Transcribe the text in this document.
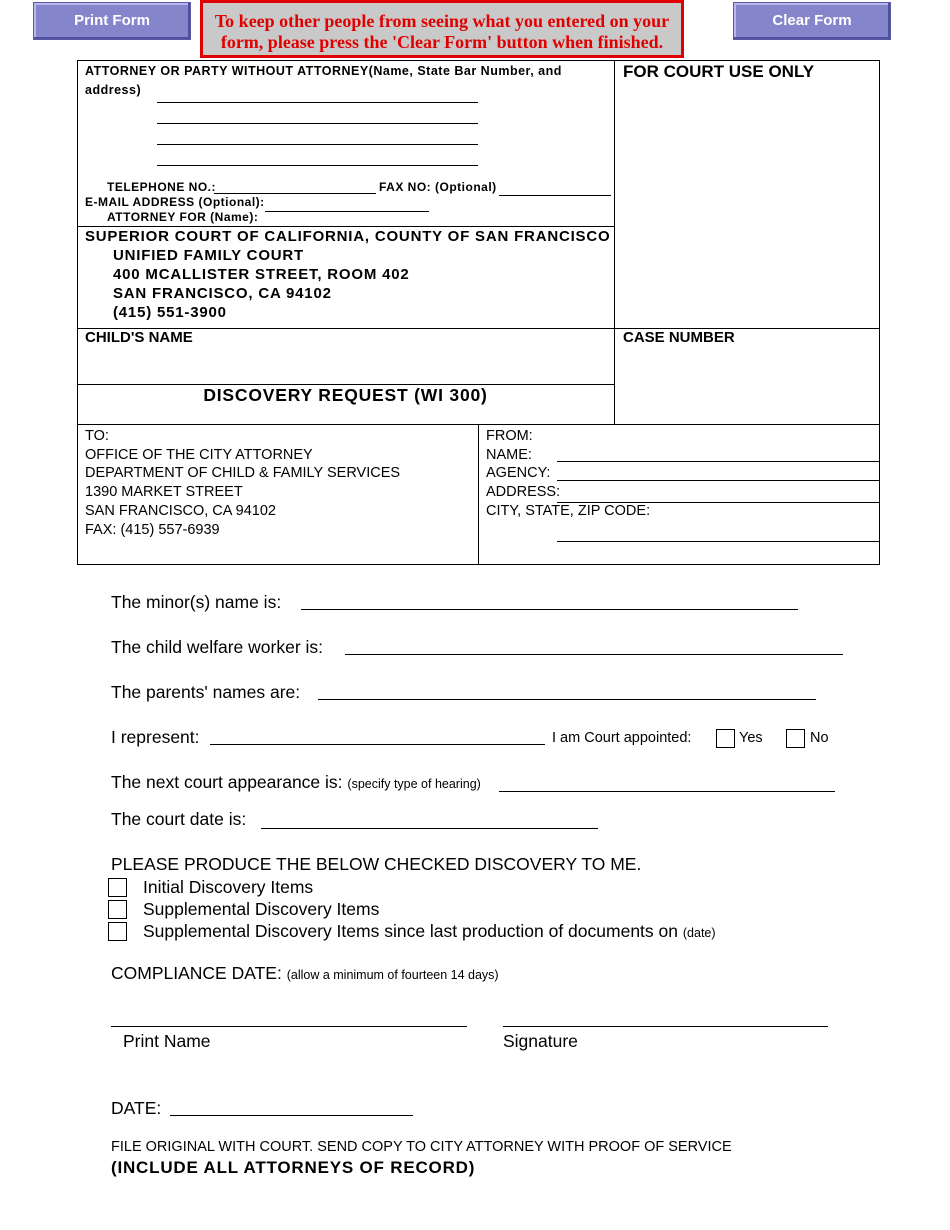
Print Form	To keep other people from seeing what you entered on your form, please press the 'Clear Form' button when finished.
Clear Form
ATTORNEY OR PARTY WITHOUT ATTORNEY(Name, State Bar Number, and
address)
TELEPHONE NO.:	FAX NO: (Optional)
E-MAIL ADDRESS (Optional):
ATTORNEY FOR (Name):
FOR COURT USE ONLY
SUPERIOR COURT OF CALIFORNIA, COUNTY OF SAN FRANCISCO
UNIFIED FAMILY COURT
400 MCALLISTER STREET, ROOM 402
SAN FRANCISCO, CA 94102
(415) 551-3900
CHILD'S NAME	CASE NUMBER
DISCOVERY REQUEST (WI 300)
TO:
OFFICE OF THE CITY ATTORNEY
DEPARTMENT OF CHILD & FAMILY SERVICES
1390 MARKET STREET
SAN FRANCISCO, CA 94102
FAX: (415) 557-6939
FROM:
NAME:
AGENCY:
ADDRESS:
CITY, STATE, ZIP CODE:
The minor(s) name is:
The child welfare worker is:
The parents' names are:
I represent:	I am Court appointed:	Yes	No
The next court appearance is: (specify type of hearing)
The court date is:
PLEASE PRODUCE THE BELOW CHECKED DISCOVERY TO ME.
Initial Discovery Items
Supplemental Discovery Items
Supplemental Discovery Items since last production of documents on (date)
COMPLIANCE DATE: (allow a minimum of fourteen 14 days)
Print Name	Signature
DATE:
FILE ORIGINAL WITH COURT. SEND COPY TO CITY ATTORNEY WITH PROOF OF SERVICE
(INCLUDE ALL ATTORNEYS OF RECORD)
